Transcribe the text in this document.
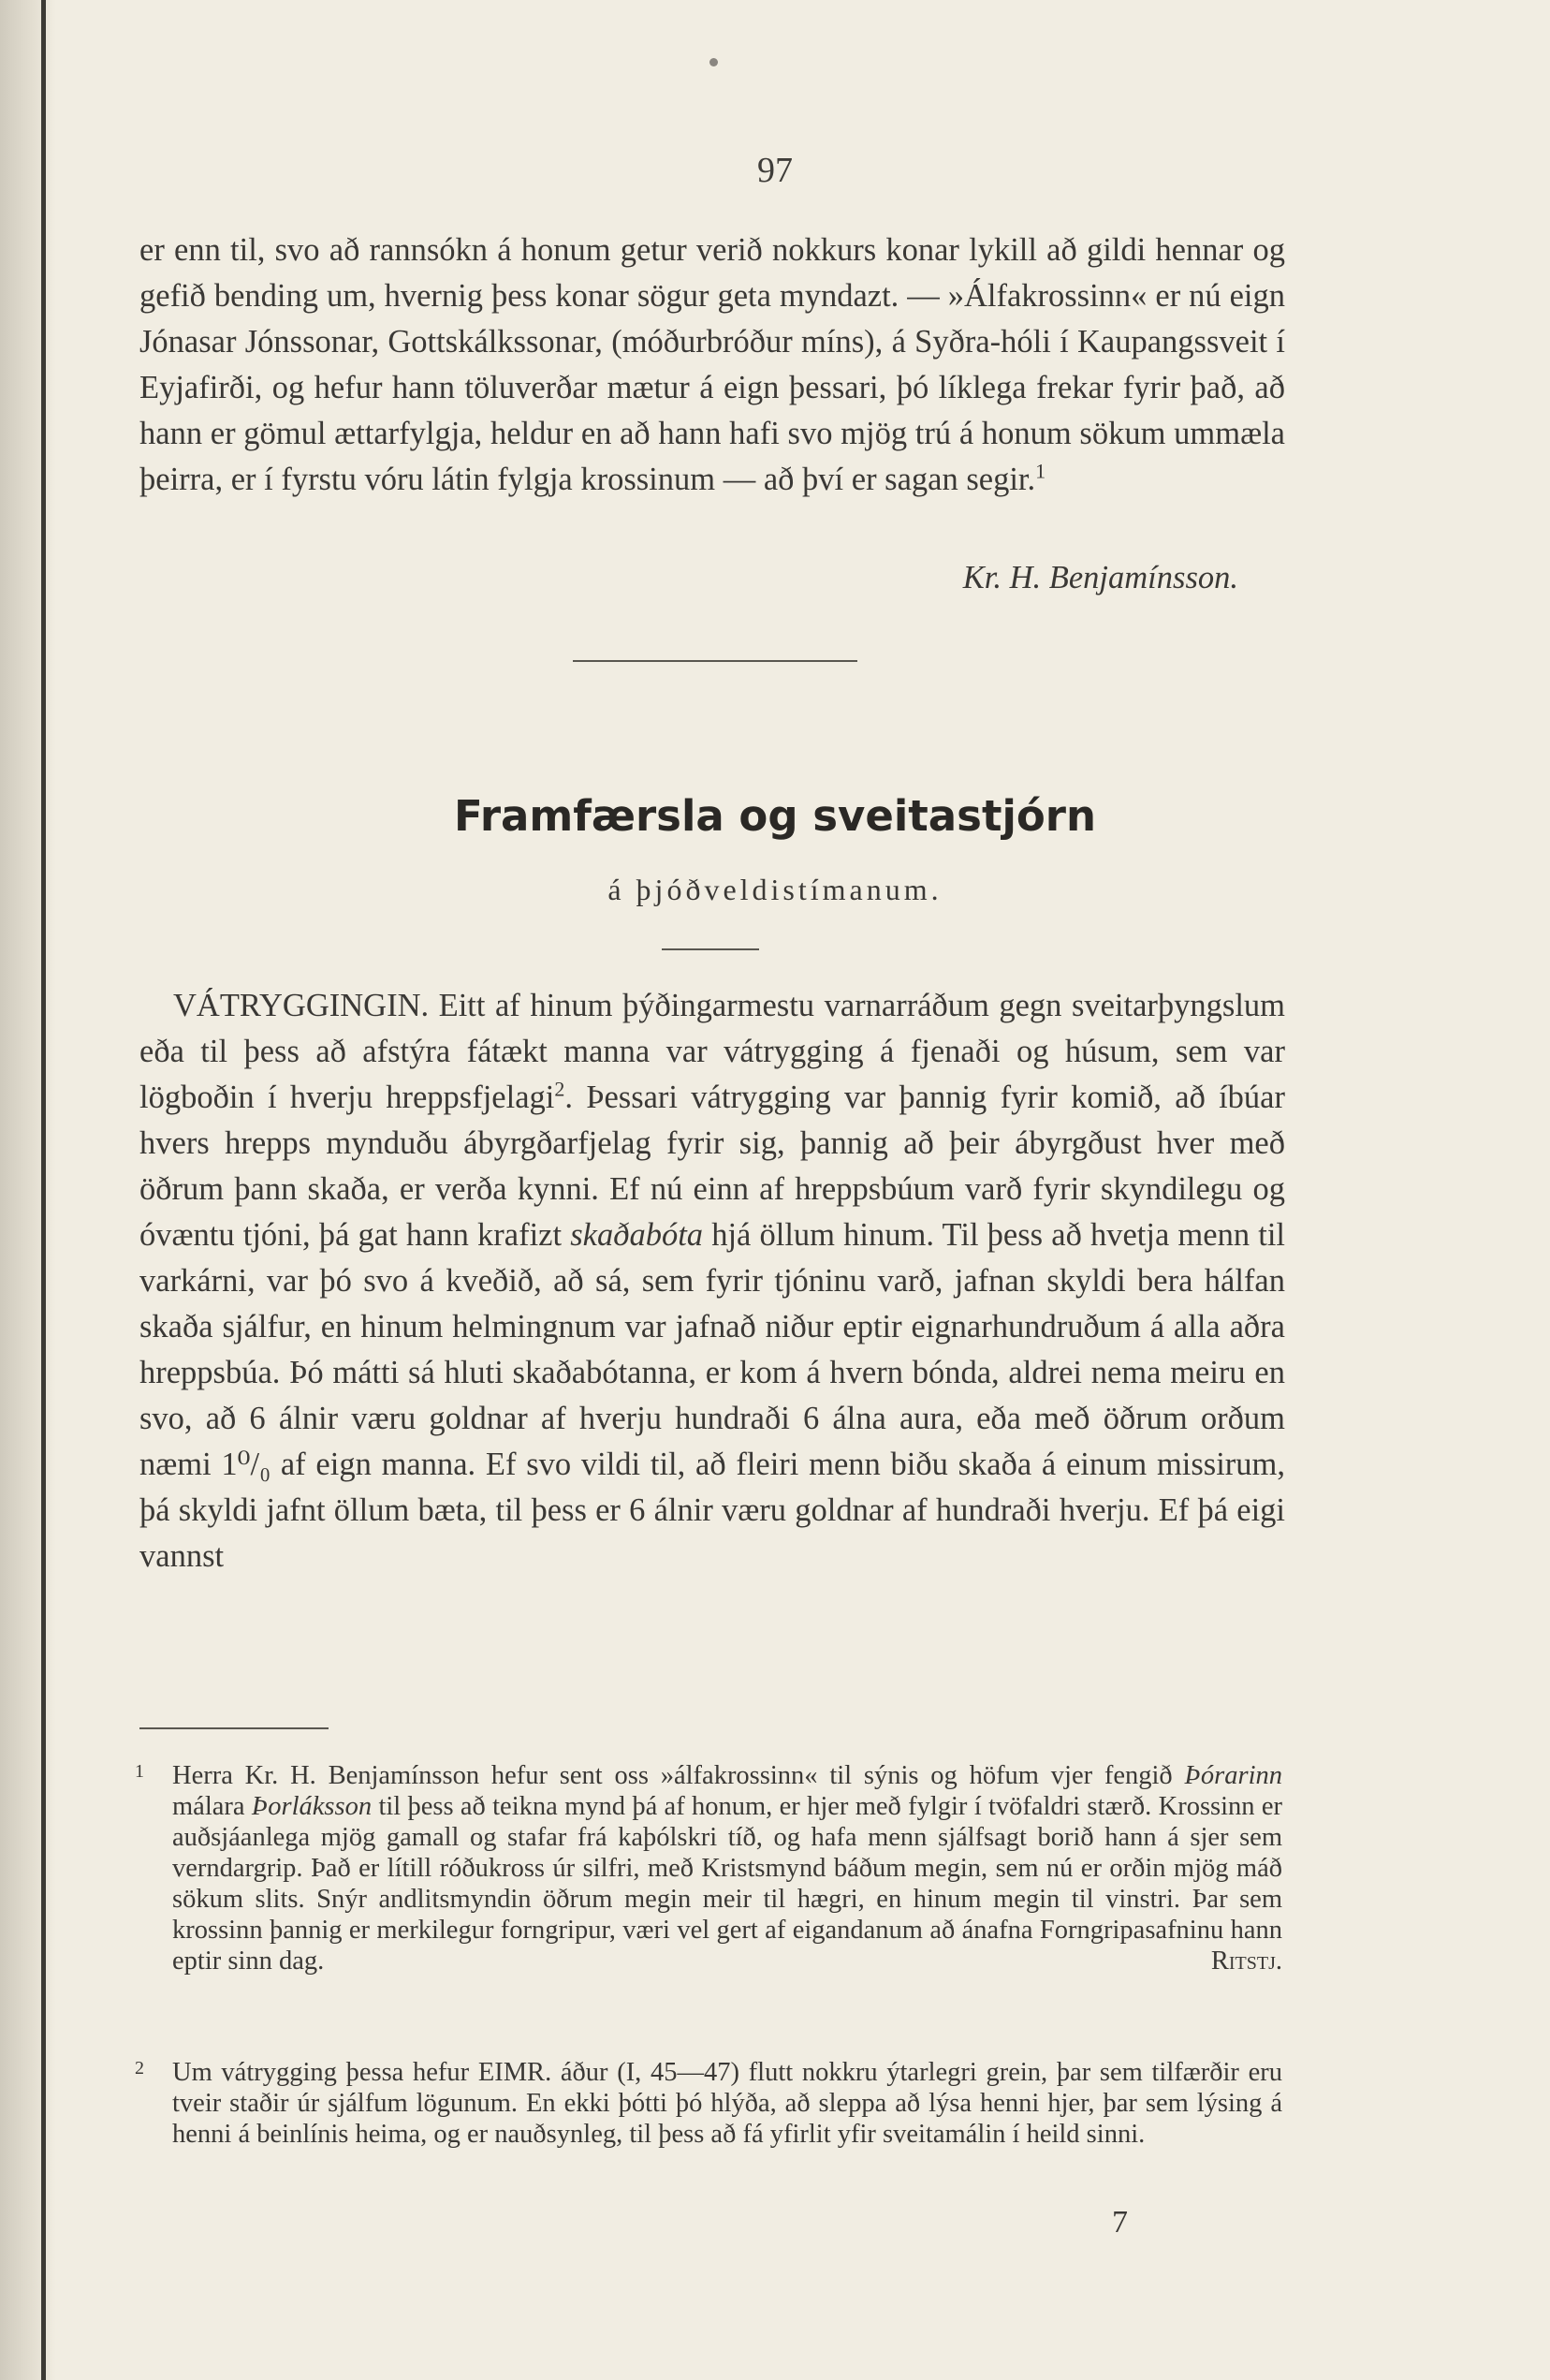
97

er enn til, svo að rannsókn á honum getur verið nokkurs konar lykill að gildi hennar og gefið bending um, hvernig þess konar sögur geta myndazt. — »Álfakrossinn« er nú eign Jónasar Jónssonar, Gottskálkssonar, (móðurbróður míns), á Syðra-hóli í Kaupangssveit í Eyjafirði, og hefur hann töluverðar mætur á eign þessari, þó líklega frekar fyrir það, að hann er gömul ættarfylgja, heldur en að hann hafi svo mjög trú á honum sökum ummæla þeirra, er í fyrstu vóru látin fylgja krossinum — að því er sagan segir.$^1$

Kr. H. Benjamínsson.
Framfærsla og sveitastjórn
á þjóðveldistímanum.

VÁTRYGGINGIN. Eitt af hinum þýðingarmestu varnarráðum gegn sveitarþyngslum eða til þess að afstýra fátækt manna var vátrygging á fjenaði og húsum, sem var lögboðin í hverju hreppsfjelagi$^2$. Þessari vátrygging var þannig fyrir komið, að íbúar hvers hrepps mynduðu ábyrgðarfjelag fyrir sig, þannig að þeir ábyrgðust hver með öðrum þann skaða, er verða kynni. Ef nú einn af hreppsbúum varð fyrir skyndilegu og óvæntu tjóni, þá gat hann krafizt skaðabóta hjá öllum hinum. Til þess að hvetja menn til varkárni, var þó svo á kveðið, að sá, sem fyrir tjóninu varð, jafnan skyldi bera hálfan skaða sjálfur, en hinum helmingnum var jafnað niður eptir eignarhundruðum á alla aðra hreppsbúa. Þó mátti sá hluti skaðabótanna, er kom á hvern bónda, aldrei nema meiru en svo, að 6 álnir væru goldnar af hverju hundraði 6 álna aura, eða með öðrum orðum næmi 1⁰/₀ af eign manna. Ef svo vildi til, að fleiri menn biðu skaða á einum missirum, þá skyldi jafnt öllum bæta, til þess er 6 álnir væru goldnar af hundraði hverju. Ef þá eigi vannst

1 Herra Kr. H. Benjamínsson hefur sent oss »álfakrossinn« til sýnis og höfum vjer fengið Þórarinn málara Þorláksson til þess að teikna mynd þá af honum, er hjer með fylgir í tvöfaldri stærð. Krossinn er auðsjáanlega mjög gamall og stafar frá kaþólskri tíð, og hafa menn sjálfsagt borið hann á sjer sem verndargrip. Það er lítill róðukross úr silfri, með Kristsmynd báðum megin, sem nú er orðin mjög máð sökum slits. Snýr andlitsmyndin öðrum megin meir til hægri, en hinum megin til vinstri. Þar sem krossinn þannig er merkilegur forngripur, væri vel gert af eigandanum að ánafna Forngripasafninu hann eptir sinn dag.	Ritstj.
2 Um vátrygging þessa hefur EIMR. áður (I, 45—47) flutt nokkru ýtarlegri grein, þar sem tilfærðir eru tveir staðir úr sjálfum lögunum. En ekki þótti þó hlýða, að sleppa að lýsa henni hjer, þar sem lýsing á henni á beinlínis heima, og er nauðsynleg, til þess að fá yfirlit yfir sveitamálin í heild sinni.
7
